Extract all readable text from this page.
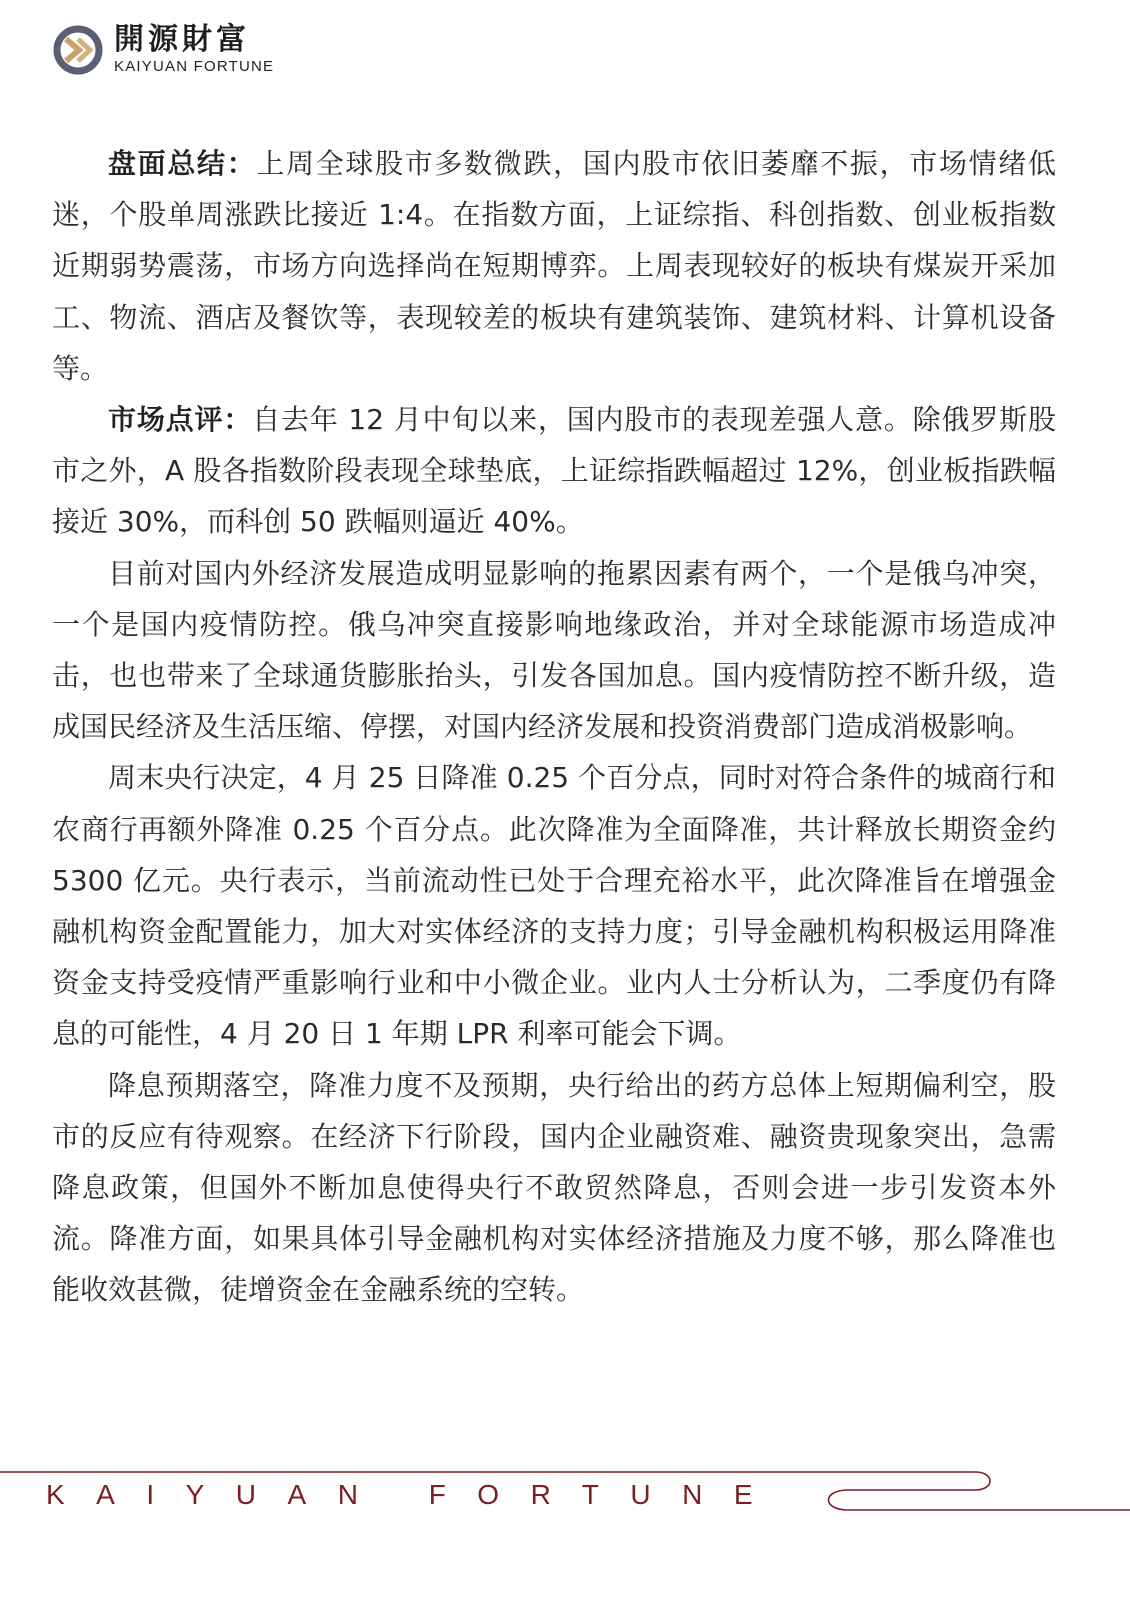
開源財富
KAIYUAN FORTUNE

盘面总结：上周全球股市多数微跌，国内股市依旧萎靡不振，市场情绪低迷，个股单周涨跌比接近 1:4。在指数方面，上证综指、科创指数、创业板指数近期弱势震荡，市场方向选择尚在短期博弈。上周表现较好的板块有煤炭开采加工、物流、酒店及餐饮等，表现较差的板块有建筑装饰、建筑材料、计算机设备等。

市场点评：自去年 12 月中旬以来，国内股市的表现差强人意。除俄罗斯股市之外，A 股各指数阶段表现全球垫底，上证综指跌幅超过 12%，创业板指跌幅接近 30%，而科创 50 跌幅则逼近 40%。

目前对国内外经济发展造成明显影响的拖累因素有两个，一个是俄乌冲突，一个是国内疫情防控。俄乌冲突直接影响地缘政治，并对全球能源市场造成冲击，也也带来了全球通货膨胀抬头，引发各国加息。国内疫情防控不断升级，造成国民经济及生活压缩、停摆，对国内经济发展和投资消费部门造成消极影响。

周末央行决定，4 月 25 日降准 0.25 个百分点，同时对符合条件的城商行和农商行再额外降准 0.25 个百分点。此次降准为全面降准，共计释放长期资金约 5300 亿元。央行表示，当前流动性已处于合理充裕水平，此次降准旨在增强金融机构资金配置能力，加大对实体经济的支持力度；引导金融机构积极运用降准资金支持受疫情严重影响行业和中小微企业。业内人士分析认为，二季度仍有降息的可能性，4 月 20 日 1 年期 LPR 利率可能会下调。

降息预期落空，降准力度不及预期，央行给出的药方总体上短期偏利空，股市的反应有待观察。在经济下行阶段，国内企业融资难、融资贵现象突出，急需降息政策，但国外不断加息使得央行不敢贸然降息，否则会进一步引发资本外流。降准方面，如果具体引导金融机构对实体经济措施及力度不够，那么降准也能收效甚微，徒增资金在金融系统的空转。

KAIYUAN FORTUNE
